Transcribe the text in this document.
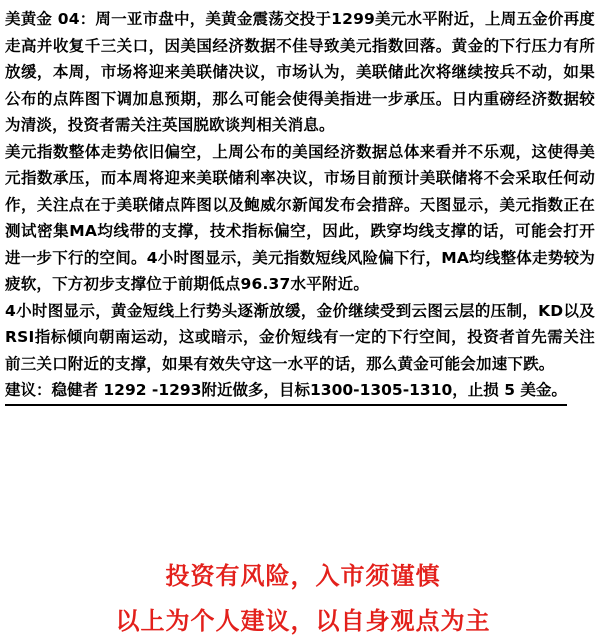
美黄金 04：周一亚市盘中，美黄金震荡交投于1299美元水平附近，上周五金价再度走高并收复千三关口，因美国经济数据不佳导致美元指数回落。黄金的下行压力有所放缓，本周，市场将迎来美联储决议，市场认为，美联储此次将继续按兵不动，如果公布的点阵图下调加息预期，那么可能会使得美指进一步承压。日内重磅经济数据较为清淡，投资者需关注英国脱欧谈判相关消息。

美元指数整体走势依旧偏空，上周公布的美国经济数据总体来看并不乐观，这使得美元指数承压，而本周将迎来美联储利率决议，市场目前预计美联储将不会采取任何动作，关注点在于美联储点阵图以及鲍威尔新闻发布会措辞。天图显示，美元指数正在测试密集MA均线带的支撑，技术指标偏空，因此，跌穿均线支撑的话，可能会打开进一步下行的空间。4小时图显示，美元指数短线风险偏下行，MA均线整体走势较为疲软，下方初步支撑位于前期低点96.37水平附近。

4小时图显示，黄金短线上行势头逐渐放缓，金价继续受到云图云层的压制，KD以及RSI指标倾向朝南运动，这或暗示，金价短线有一定的下行空间，投资者首先需关注前三关口附近的支撑，如果有效失守这一水平的话，那么黄金可能会加速下跌。

建议：稳健者 1292 -1293附近做多，目标1300-1305-1310，止损 5 美金。

投资有风险，入市须谨慎
以上为个人建议，以自身观点为主
